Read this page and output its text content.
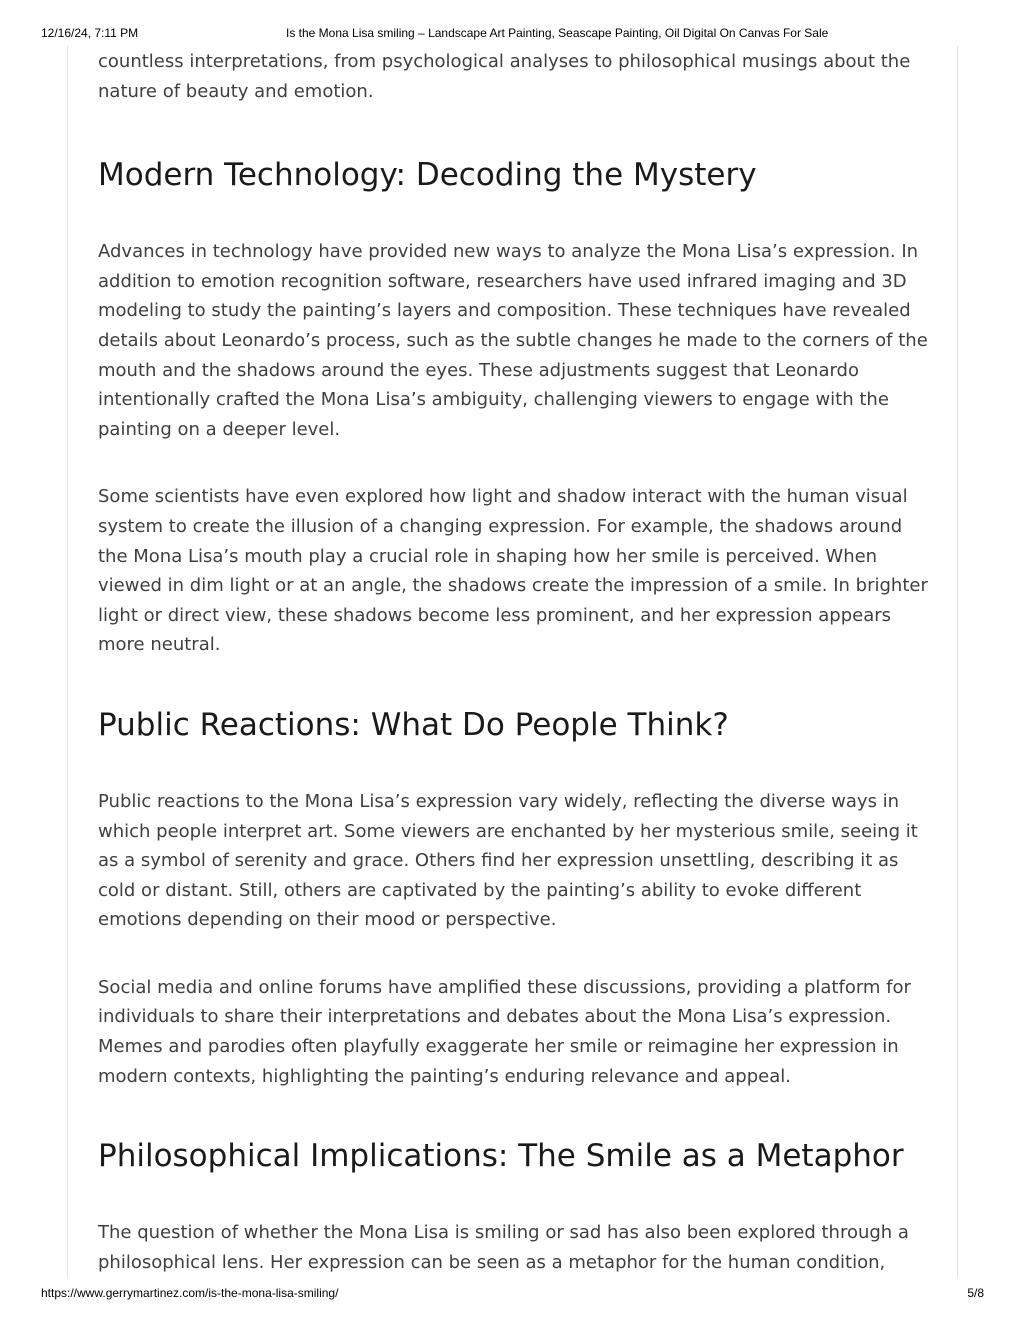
12/16/24, 7:11 PM	Is the Mona Lisa smiling – Landscape Art Painting, Seascape Painting, Oil Digital On Canvas For Sale

countless interpretations, from psychological analyses to philosophical musings about the nature of beauty and emotion.

Modern Technology: Decoding the Mystery

Advances in technology have provided new ways to analyze the Mona Lisa’s expression. In addition to emotion recognition software, researchers have used infrared imaging and 3D modeling to study the painting’s layers and composition. These techniques have revealed details about Leonardo’s process, such as the subtle changes he made to the corners of the mouth and the shadows around the eyes. These adjustments suggest that Leonardo intentionally crafted the Mona Lisa’s ambiguity, challenging viewers to engage with the painting on a deeper level.

Some scientists have even explored how light and shadow interact with the human visual system to create the illusion of a changing expression. For example, the shadows around the Mona Lisa’s mouth play a crucial role in shaping how her smile is perceived. When viewed in dim light or at an angle, the shadows create the impression of a smile. In brighter light or direct view, these shadows become less prominent, and her expression appears more neutral.

Public Reactions: What Do People Think?

Public reactions to the Mona Lisa’s expression vary widely, reflecting the diverse ways in which people interpret art. Some viewers are enchanted by her mysterious smile, seeing it as a symbol of serenity and grace. Others find her expression unsettling, describing it as cold or distant. Still, others are captivated by the painting’s ability to evoke different emotions depending on their mood or perspective.

Social media and online forums have amplified these discussions, providing a platform for individuals to share their interpretations and debates about the Mona Lisa’s expression. Memes and parodies often playfully exaggerate her smile or reimagine her expression in modern contexts, highlighting the painting’s enduring relevance and appeal.

Philosophical Implications: The Smile as a Metaphor

The question of whether the Mona Lisa is smiling or sad has also been explored through a philosophical lens. Her expression can be seen as a metaphor for the human condition,

https://www.gerrymartinez.com/is-the-mona-lisa-smiling/	5/8
